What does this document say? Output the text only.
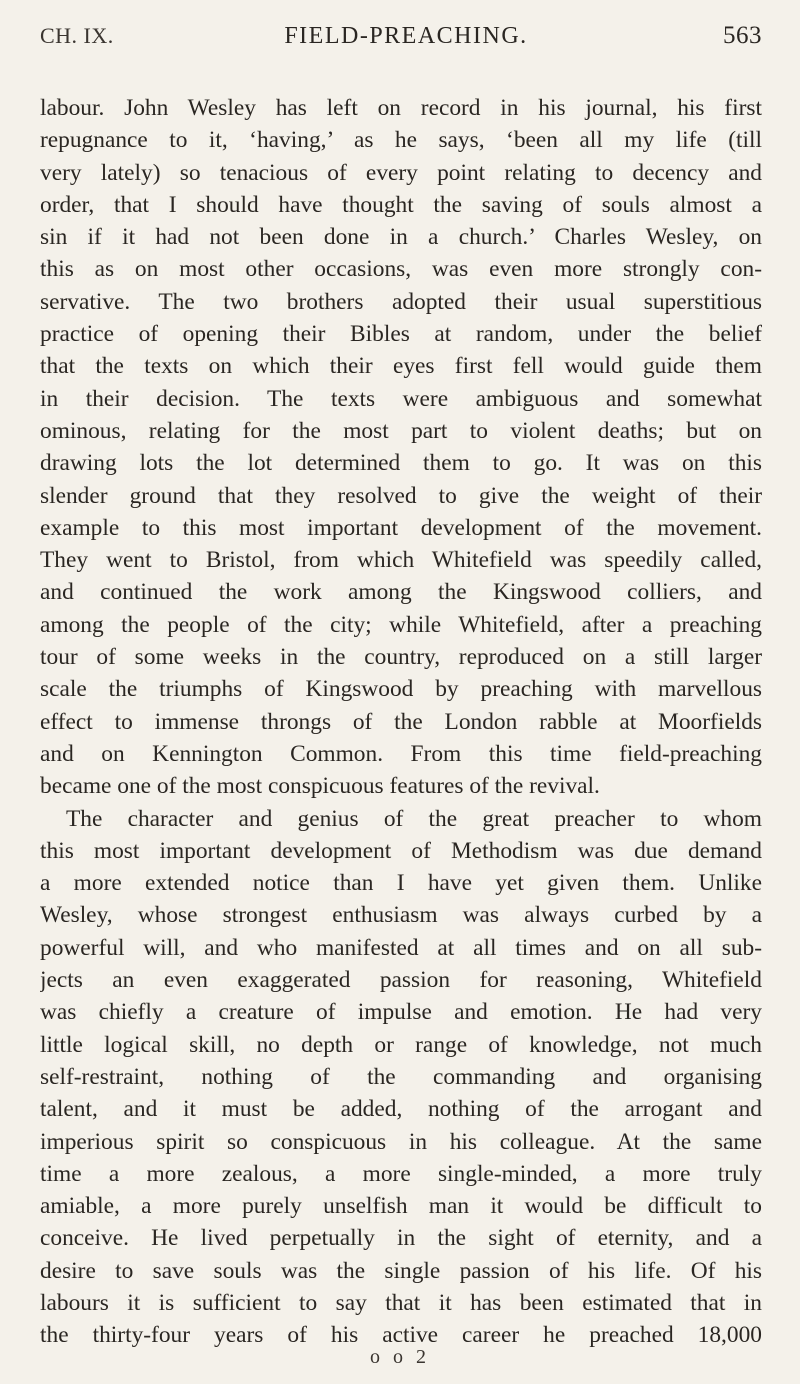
CH. IX.	FIELD-PREACHING.	563
labour. John Wesley has left on record in his journal, his first
repugnance to it, ‘having,’ as he says, ‘been all my life (till
very lately) so tenacious of every point relating to decency and
order, that I should have thought the saving of souls almost a
sin if it had not been done in a church.’ Charles Wesley, on
this as on most other occasions, was even more strongly con-
servative. The two brothers adopted their usual superstitious
practice of opening their Bibles at random, under the belief
that the texts on which their eyes first fell would guide them
in their decision. The texts were ambiguous and somewhat
ominous, relating for the most part to violent deaths; but on
drawing lots the lot determined them to go. It was on this
slender ground that they resolved to give the weight of their
example to this most important development of the movement.
They went to Bristol, from which Whitefield was speedily called,
and continued the work among the Kingswood colliers, and
among the people of the city; while Whitefield, after a preaching
tour of some weeks in the country, reproduced on a still larger
scale the triumphs of Kingswood by preaching with marvellous
effect to immense throngs of the London rabble at Moorfields
and on Kennington Common. From this time field-preaching
became one of the most conspicuous features of the revival.
The character and genius of the great preacher to whom
this most important development of Methodism was due demand
a more extended notice than I have yet given them. Unlike
Wesley, whose strongest enthusiasm was always curbed by a
powerful will, and who manifested at all times and on all sub-
jects an even exaggerated passion for reasoning, Whitefield
was chiefly a creature of impulse and emotion. He had very
little logical skill, no depth or range of knowledge, not much
self-restraint, nothing of the commanding and organising
talent, and it must be added, nothing of the arrogant and
imperious spirit so conspicuous in his colleague. At the same
time a more zealous, a more single-minded, a more truly
amiable, a more purely unselfish man it would be difficult to
conceive. He lived perpetually in the sight of eternity, and a
desire to save souls was the single passion of his life. Of his
labours it is sufficient to say that it has been estimated that in
the thirty-four years of his active career he preached 18,000
o o 2
